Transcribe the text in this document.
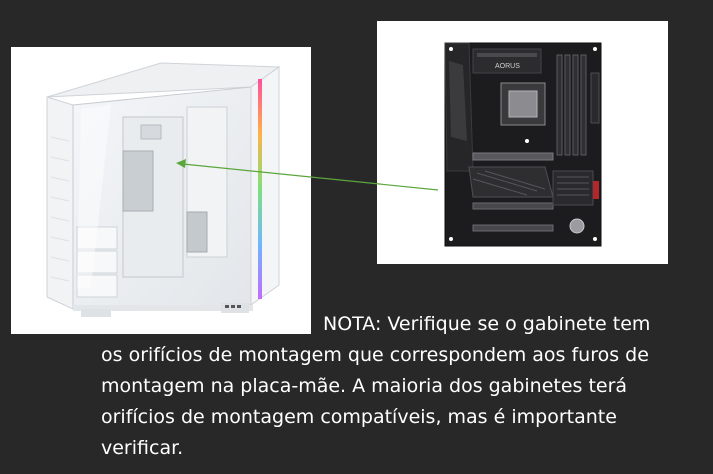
AORUS

NOTA: Verifique se o gabinete tem

os orifícios de montagem que correspondem aos furos de

montagem na placa-mãe. A maioria dos gabinetes terá

orifícios de montagem compatíveis, mas é importante

verificar.
